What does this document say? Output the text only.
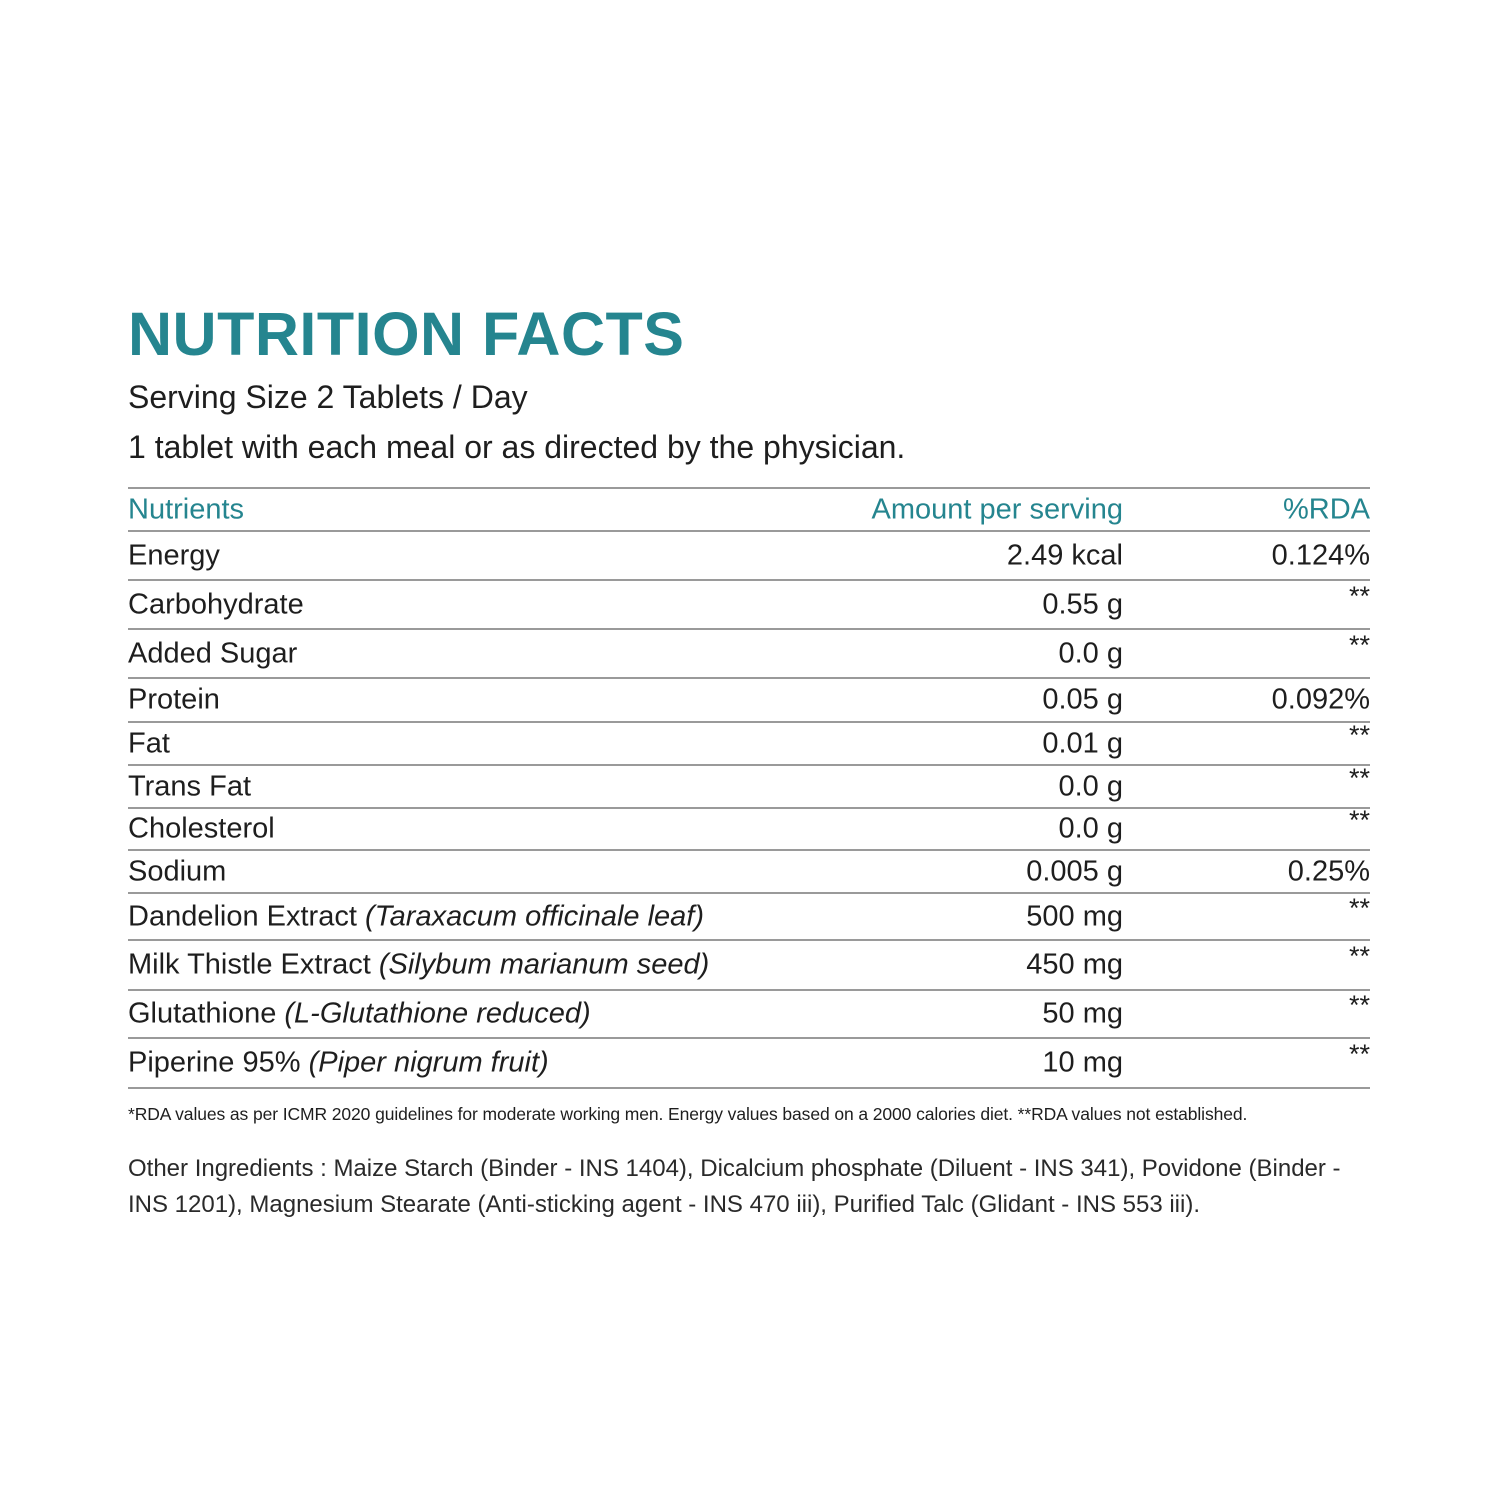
NUTRITION FACTS

Serving Size 2 Tablets / Day

1 tablet with each meal or as directed by the physician.

Nutrients	Amount per serving	%RDA
Energy	2.49 kcal	0.124%
Carbohydrate	0.55 g	**
Added Sugar	0.0 g	**
Protein	0.05 g	0.092%
Fat	0.01 g	**
Trans Fat	0.0 g	**
Cholesterol	0.0 g	**
Sodium	0.005 g	0.25%
Dandelion Extract (Taraxacum officinale leaf)	500 mg	**
Milk Thistle Extract (Silybum marianum seed)	450 mg	**
Glutathione (L-Glutathione reduced)	50 mg	**
Piperine 95% (Piper nigrum fruit)	10 mg	**

*RDA values as per ICMR 2020 guidelines for moderate working men. Energy values based on a 2000 calories diet. **RDA values not established.

Other Ingredients : Maize Starch (Binder - INS 1404), Dicalcium phosphate (Diluent - INS 341), Povidone (Binder - INS 1201), Magnesium Stearate (Anti-sticking agent - INS 470 iii), Purified Talc (Glidant - INS 553 iii).
